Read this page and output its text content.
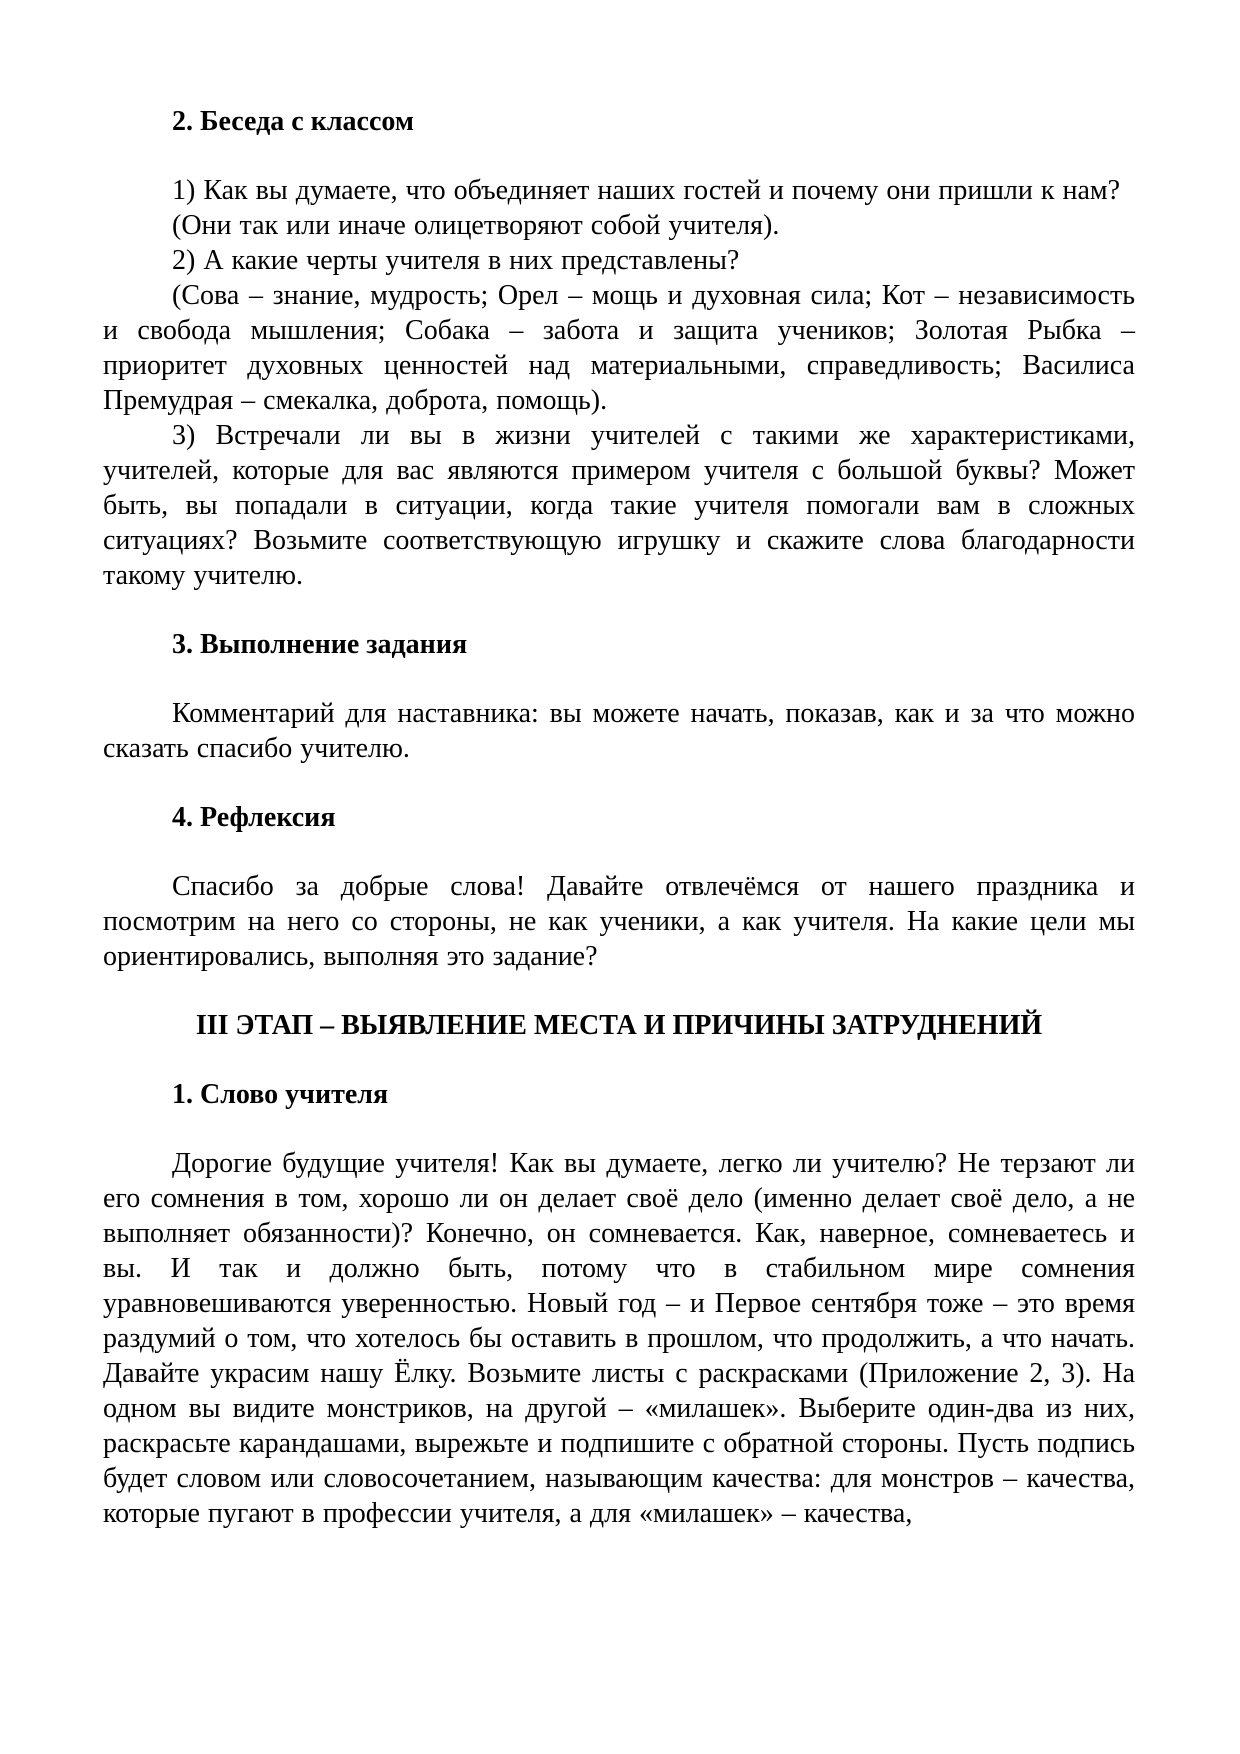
2. Беседа с классом

1) Как вы думаете, что объединяет наших гостей и почему они пришли к нам?

(Они так или иначе олицетворяют собой учителя).

2) А какие черты учителя в них представлены?

(Сова – знание, мудрость; Орел – мощь и духовная сила; Кот – независимость и свобода мышления; Собака – забота и защита учеников; Золотая Рыбка – приоритет духовных ценностей над материальными, справедливость; Василиса Премудрая – смекалка, доброта, помощь).

3) Встречали ли вы в жизни учителей с такими же характеристиками, учителей, которые для вас являются примером учителя с большой буквы? Может быть, вы попадали в ситуации, когда такие учителя помогали вам в сложных ситуациях? Возьмите соответствующую игрушку и скажите слова благодарности такому учителю.

3. Выполнение задания

Комментарий для наставника: вы можете начать, показав, как и за что можно сказать спасибо учителю.

4. Рефлексия

Спасибо за добрые слова! Давайте отвлечёмся от нашего праздника и посмотрим на него со стороны, не как ученики, а как учителя. На какие цели мы ориентировались, выполняя это задание?

III ЭТАП – ВЫЯВЛЕНИЕ МЕСТА И ПРИЧИНЫ ЗАТРУДНЕНИЙ

1. Слово учителя

Дорогие будущие учителя! Как вы думаете, легко ли учителю? Не терзают ли его сомнения в том, хорошо ли он делает своё дело (именно делает своё дело, а не выполняет обязанности)? Конечно, он сомневается. Как, наверное, сомневаетесь и вы. И так и должно быть, потому что в стабильном мире сомнения уравновешиваются уверенностью. Новый год – и Первое сентября тоже – это время раздумий о том, что хотелось бы оставить в прошлом, что продолжить, а что начать. Давайте украсим нашу Ёлку. Возьмите листы с раскрасками (Приложение 2, 3). На одном вы видите монстриков, на другой – «милашек». Выберите один-два из них, раскрасьте карандашами, вырежьте и подпишите с обратной стороны. Пусть подпись будет словом или словосочетанием, называющим качества: для монстров – качества, которые пугают в профессии учителя, а для «милашек» – качества,
